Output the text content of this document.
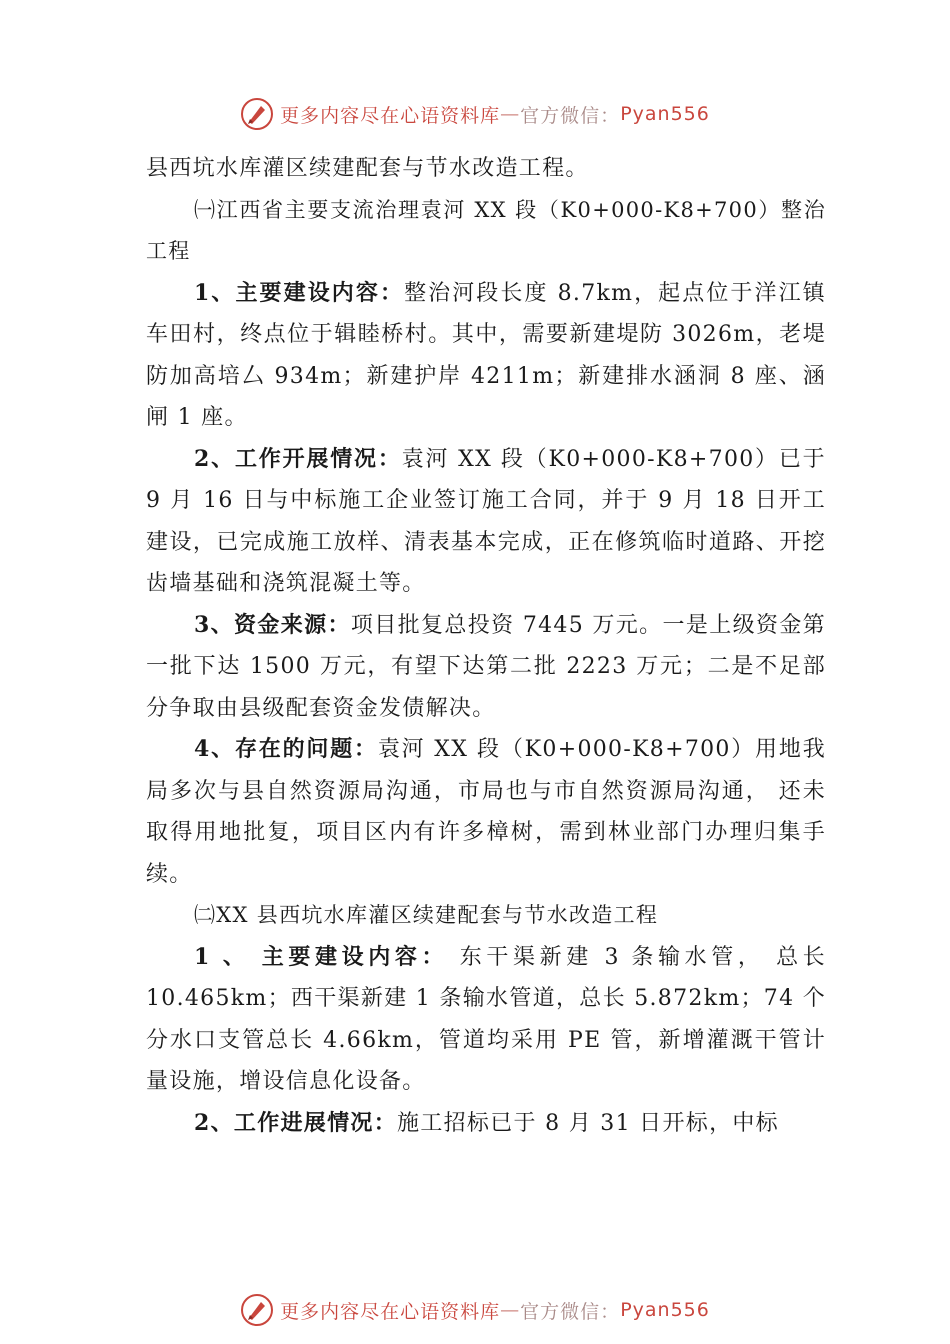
更多内容尽在心语资料库 — 官方微信： Pyan556

县西坑水库灌区续建配套与节水改造工程。

㈠江西省主要支流治理袁河 XX 段（K0+000-K8+700）整治工程

1、主要建设内容：整治河段长度 8.7km，起点位于洋江镇车田村，终点位于辑睦桥村。其中，需要新建堤防 3026m，老堤防加高培厶 934m；新建护岸 4211m；新建排水涵洞 8 座、涵闸 1 座。

2、工作开展情况：袁河 XX 段（K0+000-K8+700）已于 9 月 16 日与中标施工企业签订施工合同，并于 9 月 18 日开工建设，已完成施工放样、清表基本完成，正在修筑临时道路、开挖齿墙基础和浇筑混凝土等。

3、资金来源：项目批复总投资 7445 万元。一是上级资金第一批下达 1500 万元，有望下达第二批 2223 万元；二是不足部分争取由县级配套资金发债解决。

4、存在的问题：袁河 XX 段（K0+000-K8+700）用地我局多次与县自然资源局沟通，市局也与市自然资源局沟通， 还未取得用地批复，项目区内有许多樟树，需到林业部门办理归集手续。

㈡XX 县西坑水库灌区续建配套与节水改造工程

1 、 主要建设内容： 东干渠新建 3 条输水管， 总长 10.465km；西干渠新建 1 条输水管道，总长 5.872km；74 个分水口支管总长 4.66km，管道均采用 PE 管，新增灌溉干管计量设施，增设信息化设备。

2、工作进展情况：施工招标已于 8 月 31 日开标，中标

更多内容尽在心语资料库 — 官方微信： Pyan556
